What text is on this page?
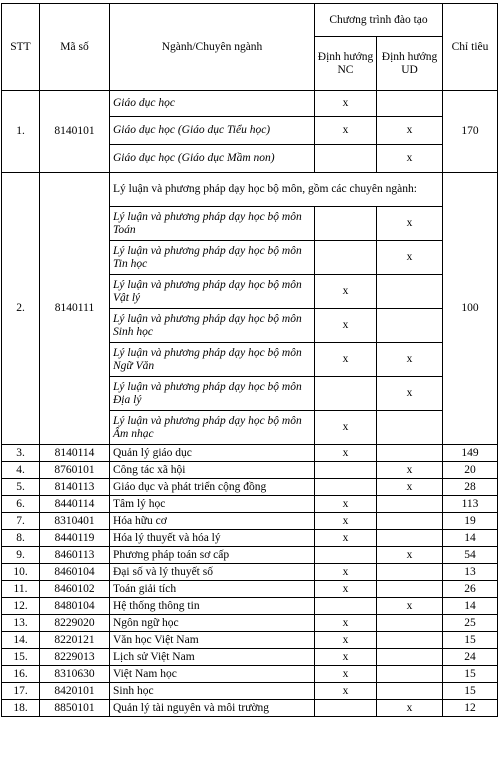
STT	Mã số	Ngành/Chuyên ngành	Chương trình đào tạo		Chỉ tiêu
			Định hướng NC	Định hướng UD	
1.	8140101	Giáo dục học	x		170
		Giáo dục học (Giáo dục Tiểu học)	x	x	
		Giáo dục học (Giáo dục Mầm non)		x	
2.	8140111	Lý luận và phương pháp dạy học bộ môn, gồm các chuyên ngành:			100
		Lý luận và phương pháp dạy học bộ môn Toán		x	
		Lý luận và phương pháp dạy học bộ môn Tin học		x	
		Lý luận và phương pháp dạy học bộ môn Vật lý	x		
		Lý luận và phương pháp dạy học bộ môn Sinh học	x		
		Lý luận và phương pháp dạy học bộ môn Ngữ Văn	x	x	
		Lý luận và phương pháp dạy học bộ môn Địa lý		x	
		Lý luận và phương pháp dạy học bộ môn Âm nhạc	x		
3.	8140114	Quản lý giáo dục	x		149
4.	8760101	Công tác xã hội		x	20
5.	8140113	Giáo dục và phát triển cộng đồng		x	28
6.	8440114	Tâm lý học	x		113
7.	8310401	Hóa hữu cơ	x		19
8.	8440119	Hóa lý thuyết và hóa lý	x		14
9.	8460113	Phương pháp toán sơ cấp		x	54
10.	8460104	Đại số và lý thuyết số	x		13
11.	8460102	Toán giải tích	x		26
12.	8480104	Hệ thống thông tin		x	14
13.	8229020	Ngôn ngữ học	x		25
14.	8220121	Văn học Việt Nam	x		15
15.	8229013	Lịch sử Việt Nam	x		24
16.	8310630	Việt Nam học	x		15
17.	8420101	Sinh học	x		15
18.	8850101	Quản lý tài nguyên và môi trường		x	12
